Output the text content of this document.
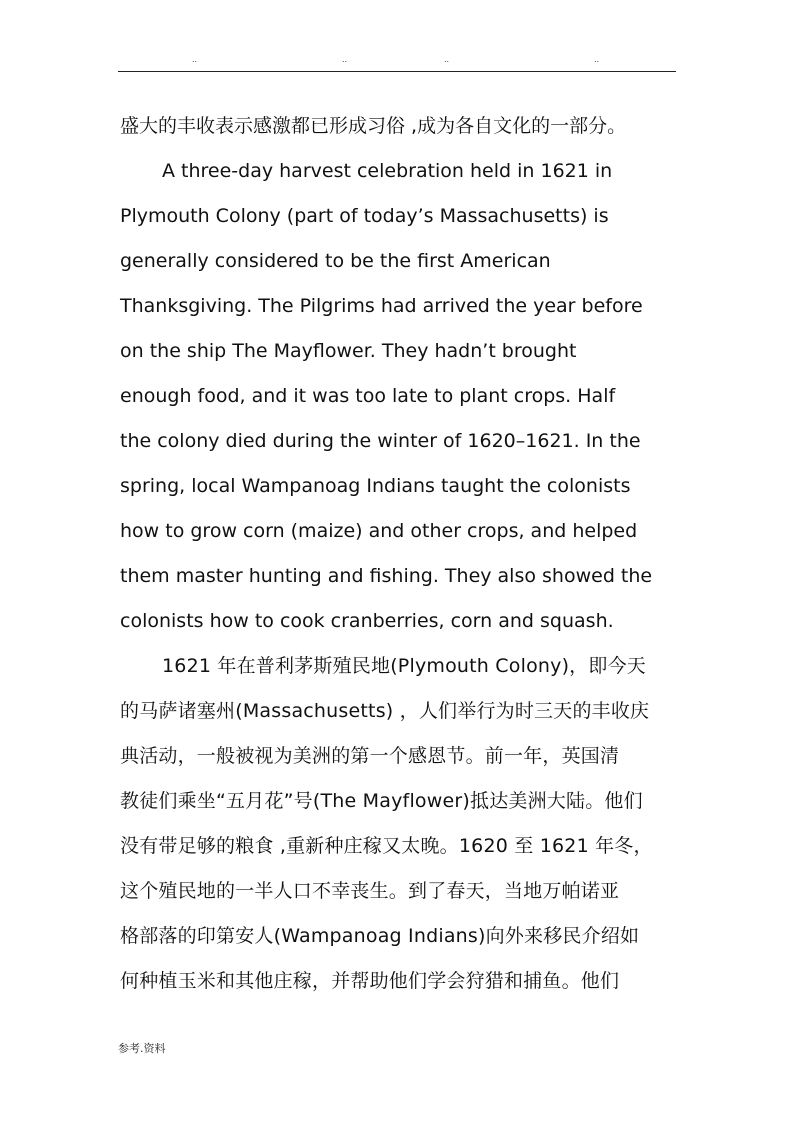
..	..	..	..
盛大的丰收表示感激都已形成习俗 ,成为各自文化的一部分。
A three-day harvest celebration held in 1621 in
Plymouth Colony (part of today’s Massachusetts) is
generally considered to be the first American
Thanksgiving. The Pilgrims had arrived the year before
on the ship The Mayflower. They hadn’t brought
enough food, and it was too late to plant crops. Half
the colony died during the winter of 1620–1621. In the
spring, local Wampanoag Indians taught the colonists
how to grow corn (maize) and other crops, and helped
them master hunting and fishing. They also showed the
colonists how to cook cranberries, corn and squash.
1621 年在普利茅斯殖民地(Plymouth Colony)，即今天
的马萨诸塞州(Massachusetts) ，人们举行为时三天的丰收庆
典活动，一般被视为美洲的第一个感恩节。前一年，英国清
教徒们乘坐“五月花”号(The Mayflower)抵达美洲大陆。他们
没有带足够的粮食 ,重新种庄稼又太晚。1620 至 1621 年冬，
这个殖民地的一半人口不幸丧生。到了春天，当地万帕诺亚
格部落的印第安人(Wampanoag Indians)向外来移民介绍如
何种植玉米和其他庄稼，并帮助他们学会狩猎和捕鱼。他们
参考.资料
